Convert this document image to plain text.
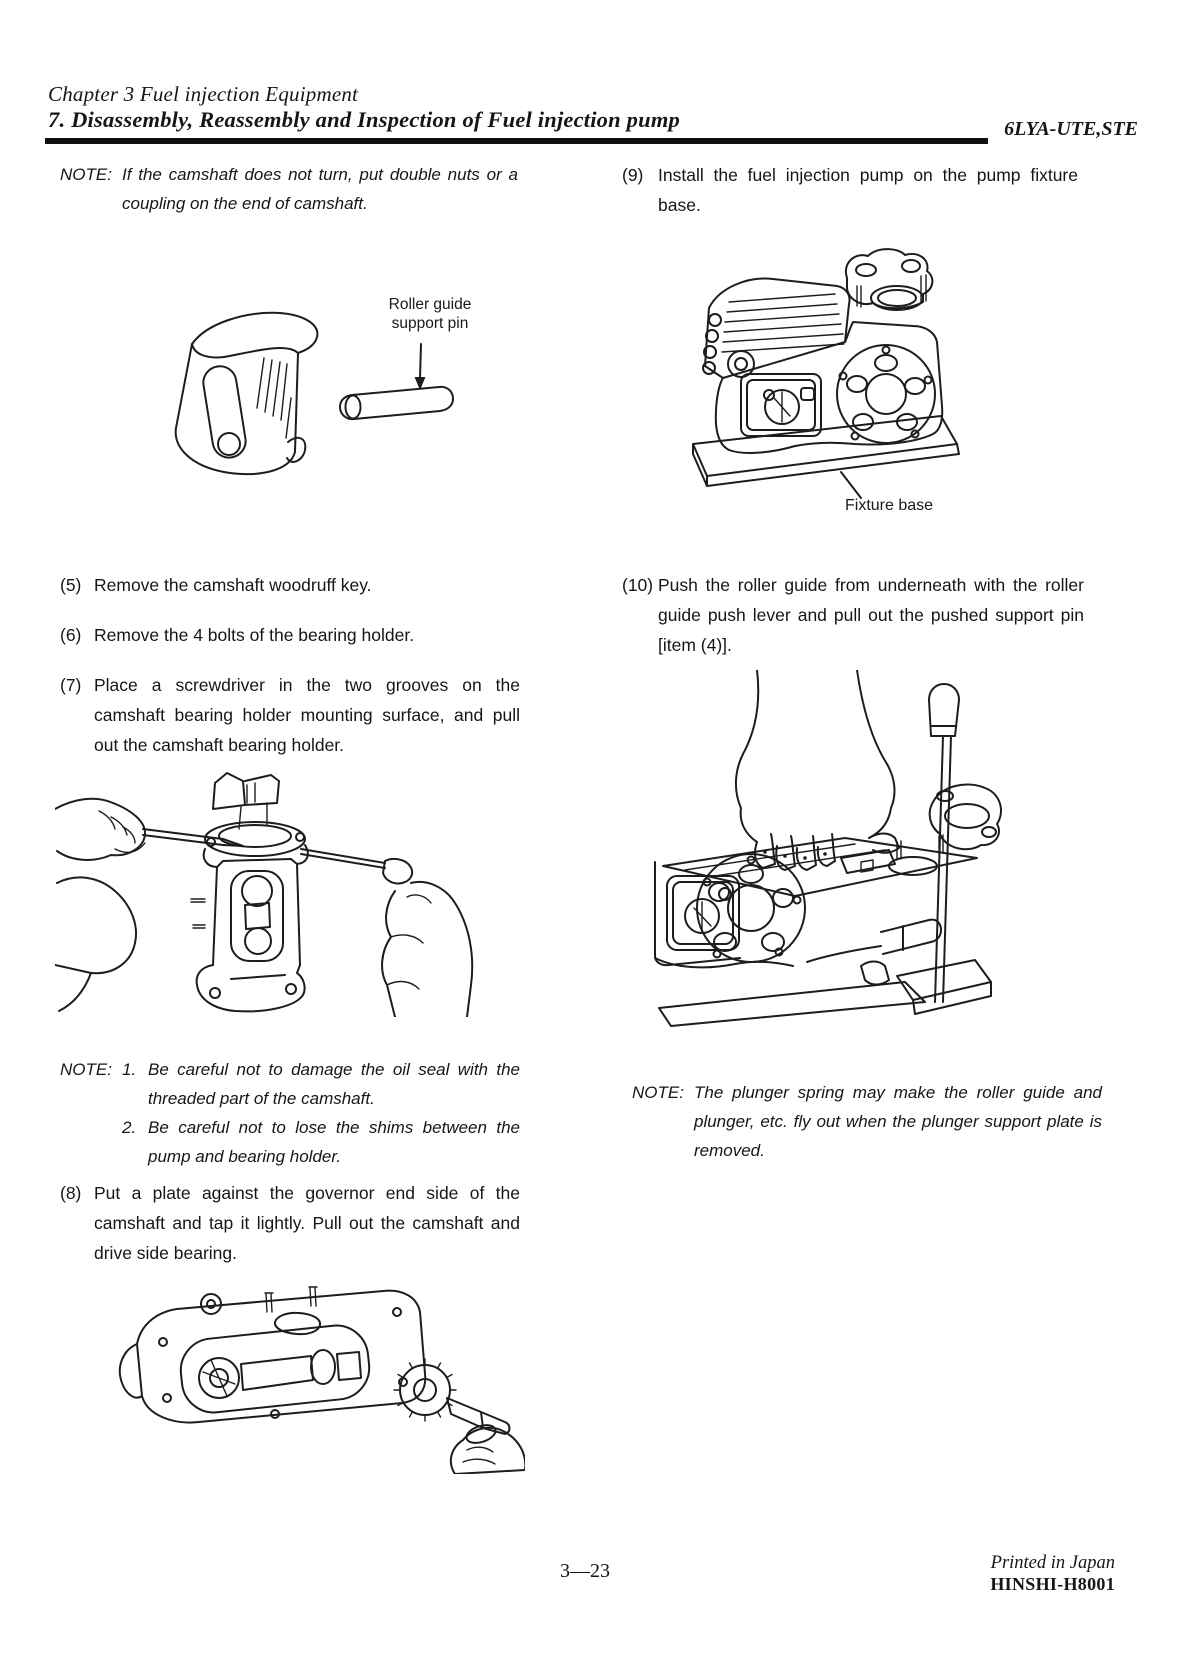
Chapter 3 Fuel injection Equipment
7. Disassembly, Reassembly and Inspection of Fuel injection pump	6LYA-UTE,STE
NOTE: If the camshaft does not turn, put double nuts or a coupling on the end of camshaft.
Roller guide
support pin
(5) Remove the camshaft woodruff key.
(6) Remove the 4 bolts of the bearing holder.
(7) Place a screwdriver in the two grooves on the camshaft bearing holder mounting surface, and pull out the camshaft bearing holder.
NOTE: 1. Be careful not to damage the oil seal with the threaded part of the camshaft.
2. Be careful not to lose the shims between the pump and bearing holder.
(8) Put a plate against the governor end side of the camshaft and tap it lightly. Pull out the camshaft and drive side bearing.
(9) Install the fuel injection pump on the pump fixture base.
Fixture base
(10) Push the roller guide from underneath with the roller guide push lever and pull out the pushed support pin [item (4)].
NOTE: The plunger spring may make the roller guide and plunger, etc. fly out when the plunger support plate is removed.
3—23	Printed in Japan
HINSHI-H8001
